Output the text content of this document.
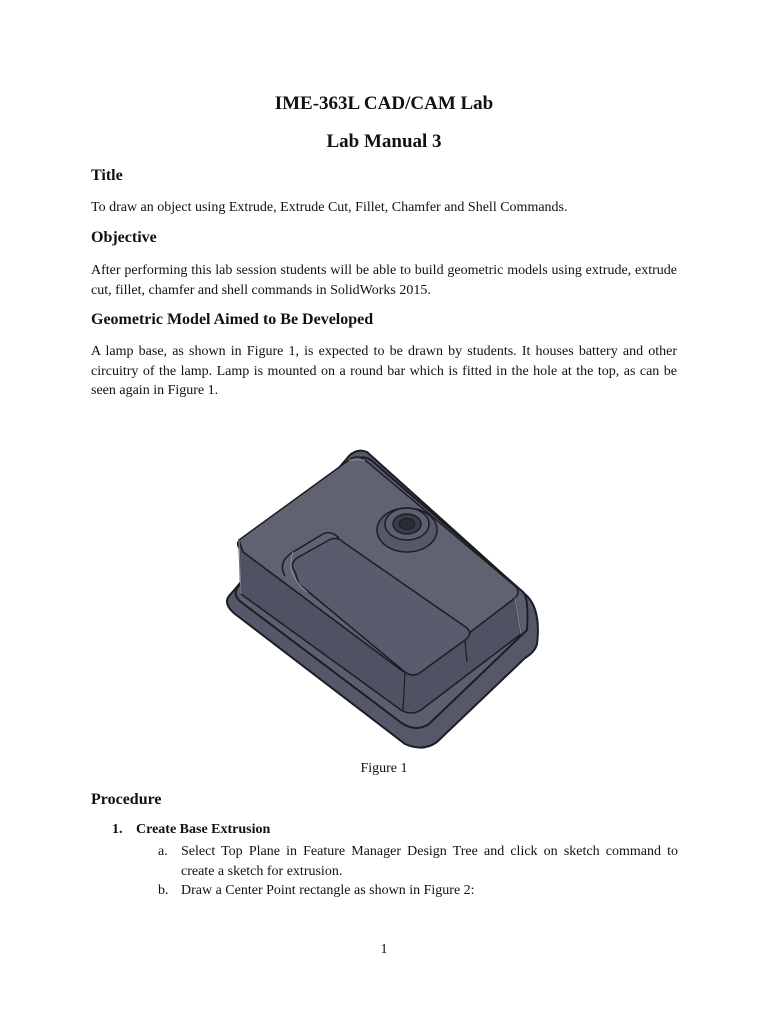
IME-363L CAD/CAM Lab
Lab Manual 3
Title
To draw an object using Extrude, Extrude Cut, Fillet, Chamfer and Shell Commands.
Objective
After performing this lab session students will be able to build geometric models using extrude, extrude cut, fillet, chamfer and shell commands in SolidWorks 2015.
Geometric Model Aimed to Be Developed
A lamp base, as shown in Figure 1, is expected to be drawn by students. It houses battery and other circuitry of the lamp. Lamp is mounted on a round bar which is fitted in the hole at the top, as can be seen again in Figure 1.
Figure 1
Procedure
1. Create Base Extrusion
a. Select Top Plane in Feature Manager Design Tree and click on sketch command to create a sketch for extrusion.
b. Draw a Center Point rectangle as shown in Figure 2:
1
